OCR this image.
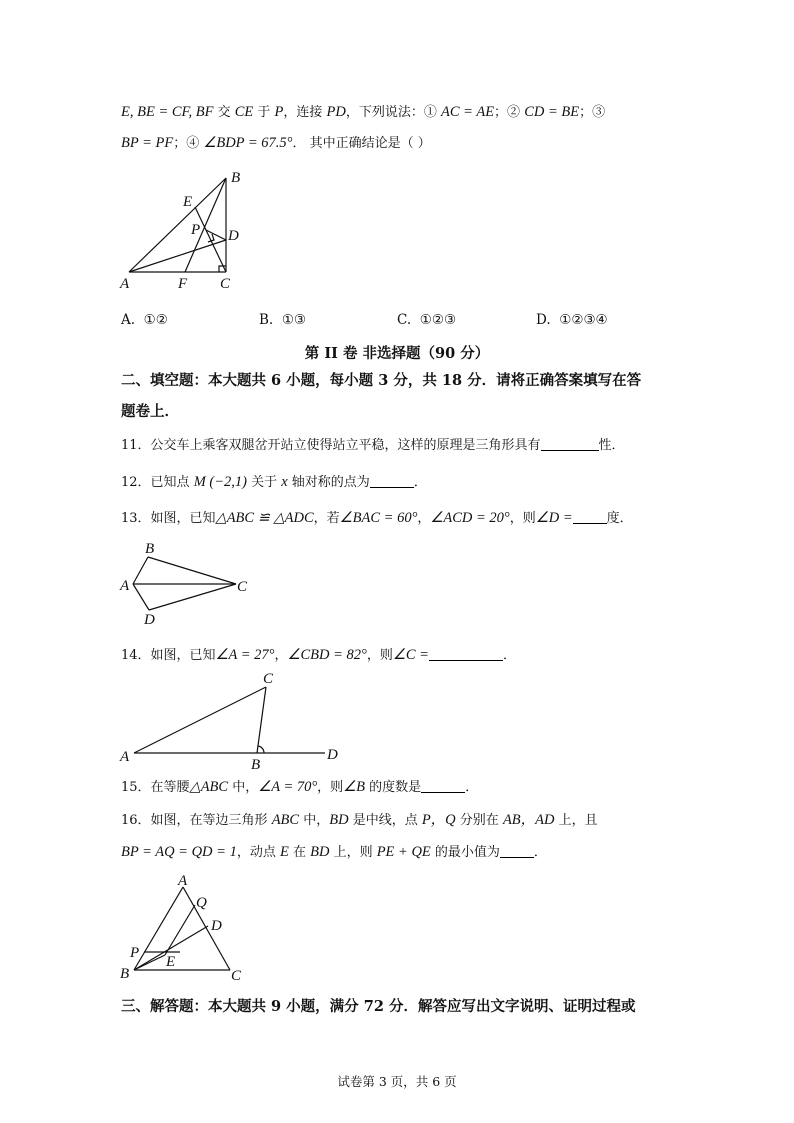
E, BE = CF, BF 交 CE 于 P，连接 PD，下列说法：① AC = AE；② CD = BE；③
BP = PF；④ ∠BDP = 67.5°． 其中正确结论是（ ）
B
E
P D
A	F C
A. ①②	B. ①③	C. ①②③	D. ①②③④
第 II 卷 非选择题（90 分）
二、填空题：本大题共 6 小题，每小题 3 分，共 18 分．请将正确答案填写在答
题卷上．
11．公交车上乘客双腿岔开站立使得站立平稳，这样的原理是三角形具有	性．
12．已知点 M (−2,1) 关于 x 轴对称的点为	．
13．如图，已知△ABC ≌ △ADC，若∠BAC = 60°，∠ACD = 20°，则∠D =	度．
B
A	C
D
14．如图，已知∠A = 27°，∠CBD = 82°，则∠C =	．
C
A	B
D
15．在等腰△ABC 中，∠A = 70°，则∠B 的度数是	．
16．如图，在等边三角形 ABC 中，BD 是中线，点 P，Q 分别在 AB，AD 上，且
BP = AQ = QD = 1，动点 E 在 BD 上，则 PE + QE 的最小值为	．
A
Q
D
P
E
B	C
三、解答题：本大题共 9 小题，满分 72 分．解答应写出文字说明、证明过程或
试卷第 3 页，共 6 页
